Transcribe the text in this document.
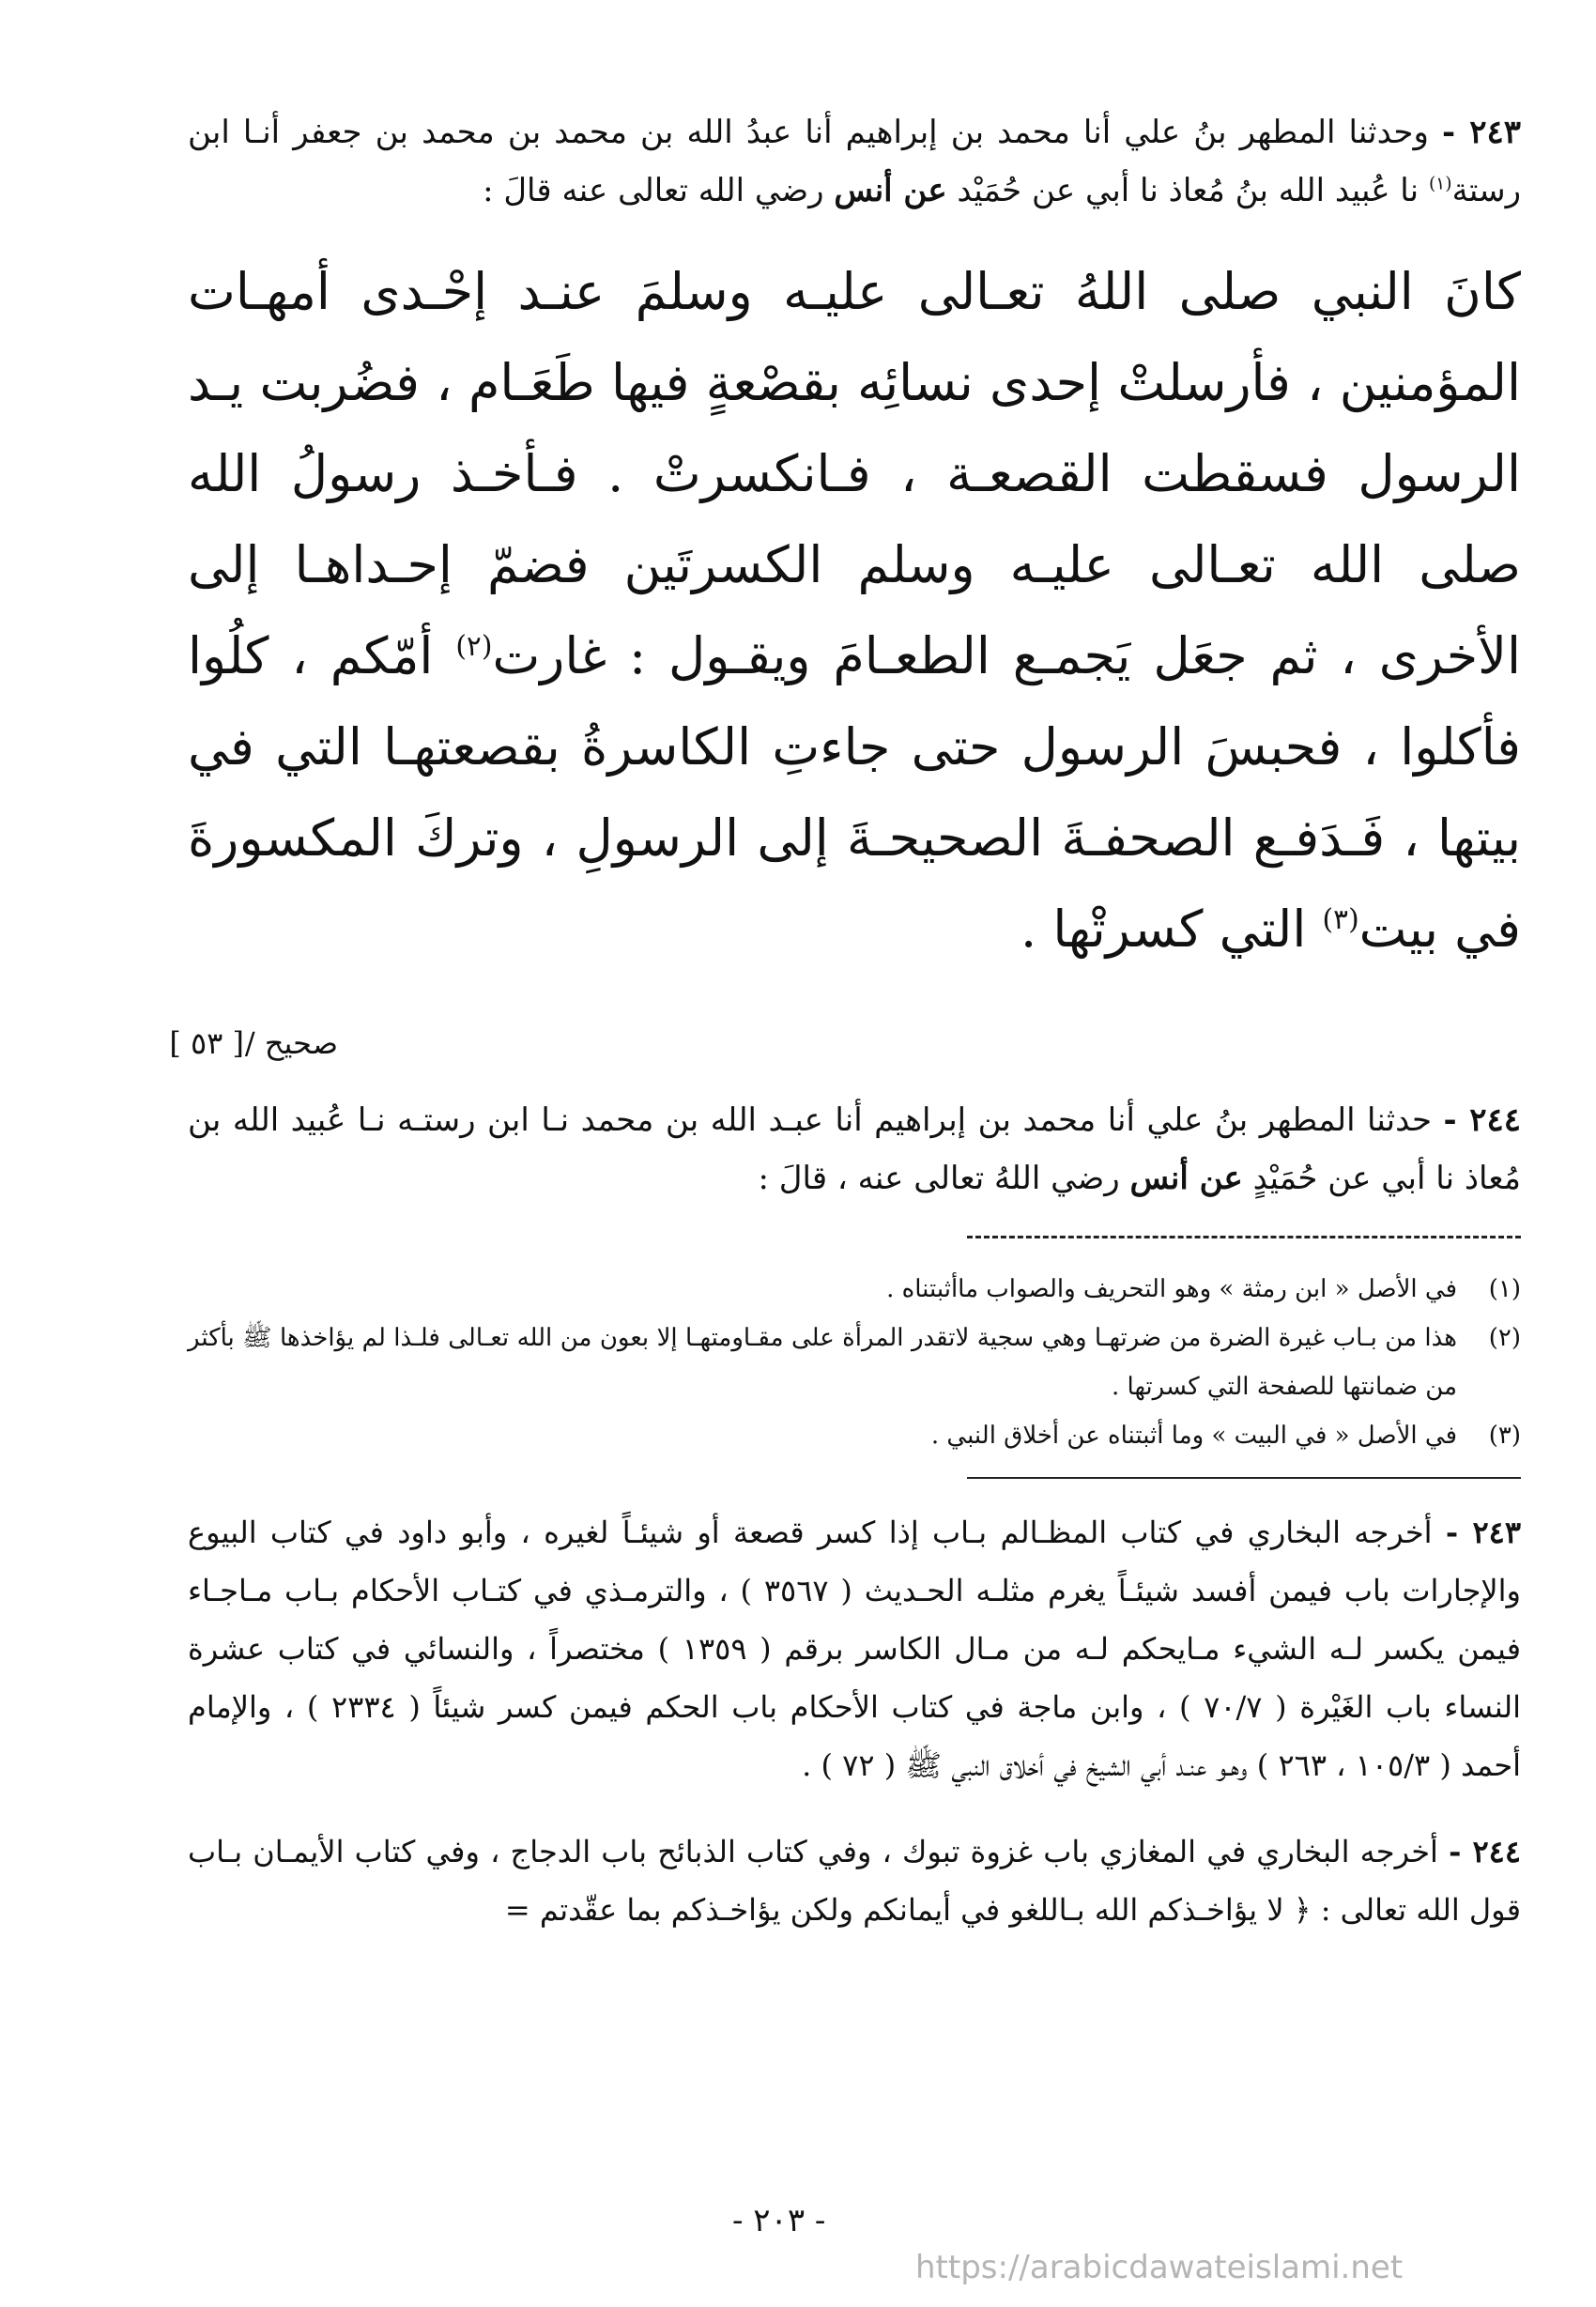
٢٤٣ - وحدثنا المطهر بنُ علي أنا محمد بن إبراهيم أنا عبدُ الله بن محمد بن محمد بن جعفر أنـا ابن رستة$^{(١)}$ نا عُبيد الله بنُ مُعاذ نا أبي عن حُمَيْد عن أنس رضي الله تعالى عنه قالَ :

كانَ النبي صلى اللهُ تعـالى عليـه وسلمَ عنـد إحْـدى أمهـات المؤمنين ، فأرسلتْ إحدى نسائِه بقصْعةٍ فيها طَعَـام ، فضُربت يـد الرسول فسقطت القصعـة ، فـانكسرتْ . فـأخـذ رسولُ الله صلى الله تعـالى عليـه وسلم الكسرتَين فضمّ إحـداهـا إلى الأخرى ، ثم جعَل يَجمـع الطعـامَ ويقـول : غارت$^{(٢)}$ أمّكم ، كلُوا فأكلوا ، فحبسَ الرسول حتى جاءتِ الكاسرةُ بقصعتهـا التي في بيتها ، فَـدَفـع الصحفـةَ الصحيحـةَ إلى الرسولِ ، وتركَ المكسورةَ في بيت$^{(٣)}$ التي كسرتْها .

صحيح /
[ ٥٣ ]

٢٤٤ - حدثنا المطهر بنُ علي أنا محمد بن إبراهيم أنا عبـد الله بن محمد نـا ابن رستـه نـا عُبيد الله بن مُعاذ نا أبي عن حُمَيْدٍ عن أنس رضي اللهُ تعالى عنه ، قالَ :

(١)
في الأصل « ابن رمثة » وهو التحريف والصواب ماأثبتناه .

(٢)
هذا من بـاب غيرة الضرة من ضرتهـا وهي سجية لاتقدر المرأة على مقـاومتهـا إلا بعون من الله تعـالى فلـذا لم يؤاخذها ﷺ بأكثر من ضمانتها للصفحة التي كسرتها .

(٣)
في الأصل « في البيت » وما أثبتناه عن أخلاق النبي .

٢٤٣ - أخرجه البخاري في كتاب المظـالم بـاب إذا كسر قصعة أو شيئـاً لغيره ، وأبو داود في كتاب البيوع والإجارات باب فيمن أفسد شيئـاً يغرم مثلـه الحـديث ( ٣٥٦٧ ) ، والترمـذي في كتـاب الأحكام بـاب مـاجـاء فيمن يكسر لـه الشيء مـايحكم لـه من مـال الكاسر برقم ( ١٣٥٩ ) مختصراً ، والنسائي في كتاب عشرة النساء باب الغَيْرة ( ٧٠/٧ ) ، وابن ماجة في كتاب الأحكام باب الحكم فيمن كسر شيئاً ( ٢٣٣٤ ) ، والإمام أحمد ( ١٠٥/٣ ، ٢٦٣ ) وهـو عنـد أبي الشيخ في أخلاق النبي ﷺ ( ٧٢ ) .

٢٤٤ - أخرجه البخاري في المغازي باب غزوة تبوك ، وفي كتاب الذبائح باب الدجاج ، وفي كتاب الأيمـان بـاب قول الله تعالى : ﴿ لا يؤاخـذكم الله بـاللغو في أيمانكم ولكن يؤاخـذكم بما عقّدتم =

- ٢٠٣ -
https://arabicdawateislami.net
